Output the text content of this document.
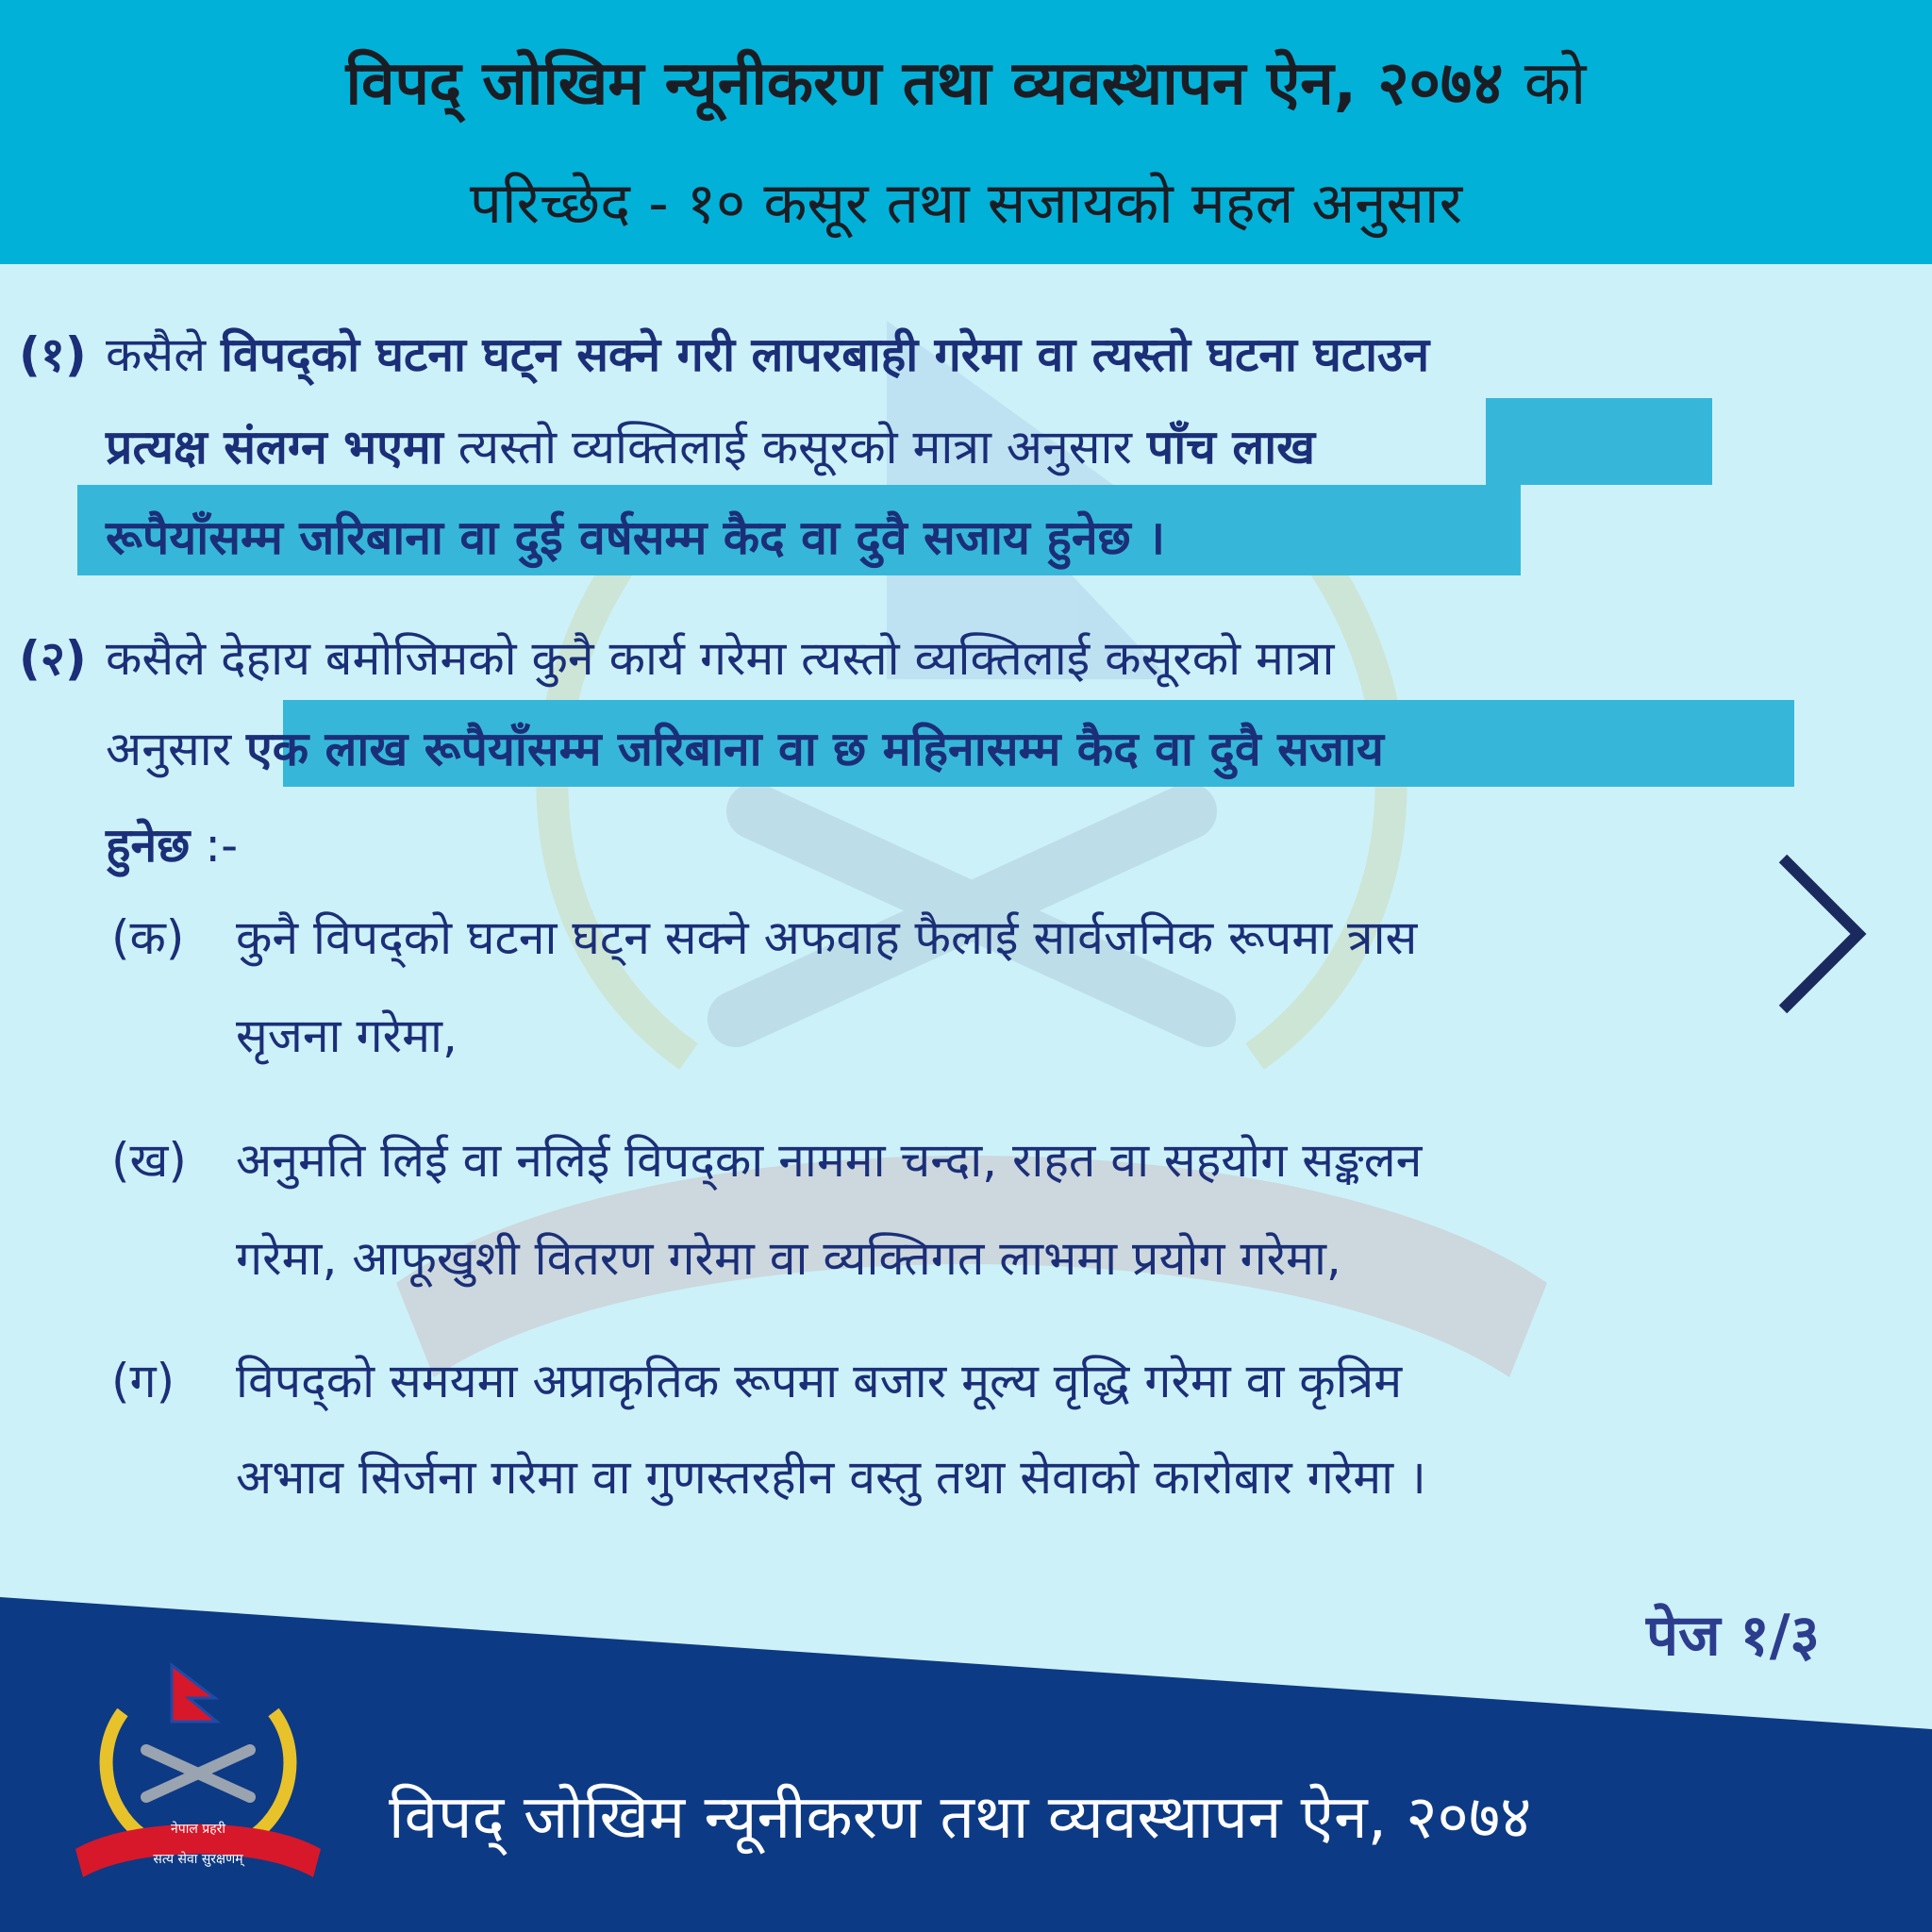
विपद् जोखिम न्यूनीकरण तथा व्यवस्थापन ऐन, २०७४ को
परिच्छेद - १० कसूर तथा सजायको महल अनुसार
(१) कसैले विपद्को घटना घट्न सक्ने गरी लापरबाही गरेमा वा त्यस्तो घटना घटाउन
प्रत्यक्ष संलग्न भएमा त्यस्तो व्यक्तिलाई कसूरको मात्रा अनुसार पाँच लाख
रूपैयाँसम्म जरिबाना वा दुई वर्षसम्म कैद वा दुवै सजाय हुनेछ ।
(२) कसैले देहाय बमोजिमको कुनै कार्य गरेमा त्यस्तो व्यक्तिलाई कसूरको मात्रा
अनुसार एक लाख रूपैयाँसम्म जरिबाना वा छ महिनासम्म कैद वा दुवै सजाय
हुनेछ :-
(क) कुनै विपद्को घटना घट्न सक्ने अफवाह फैलाई सार्वजनिक रूपमा त्रास
सृजना गरेमा,
(ख) अनुमति लिई वा नलिई विपद्का नाममा चन्दा, राहत वा सहयोग सङ्कलन
गरेमा, आफूखुशी वितरण गरेमा वा व्यक्तिगत लाभमा प्रयोग गरेमा,
(ग) विपद्को समयमा अप्राकृतिक रूपमा बजार मूल्य वृद्धि गरेमा वा कृत्रिम
अभाव सिर्जना गरेमा वा गुणस्तरहीन वस्तु तथा सेवाको कारोबार गरेमा ।
पेज १/३
नेपाल प्रहरी
सत्य सेवा सुरक्षणम्
विपद् जोखिम न्यूनीकरण तथा व्यवस्थापन ऐन, २०७४
